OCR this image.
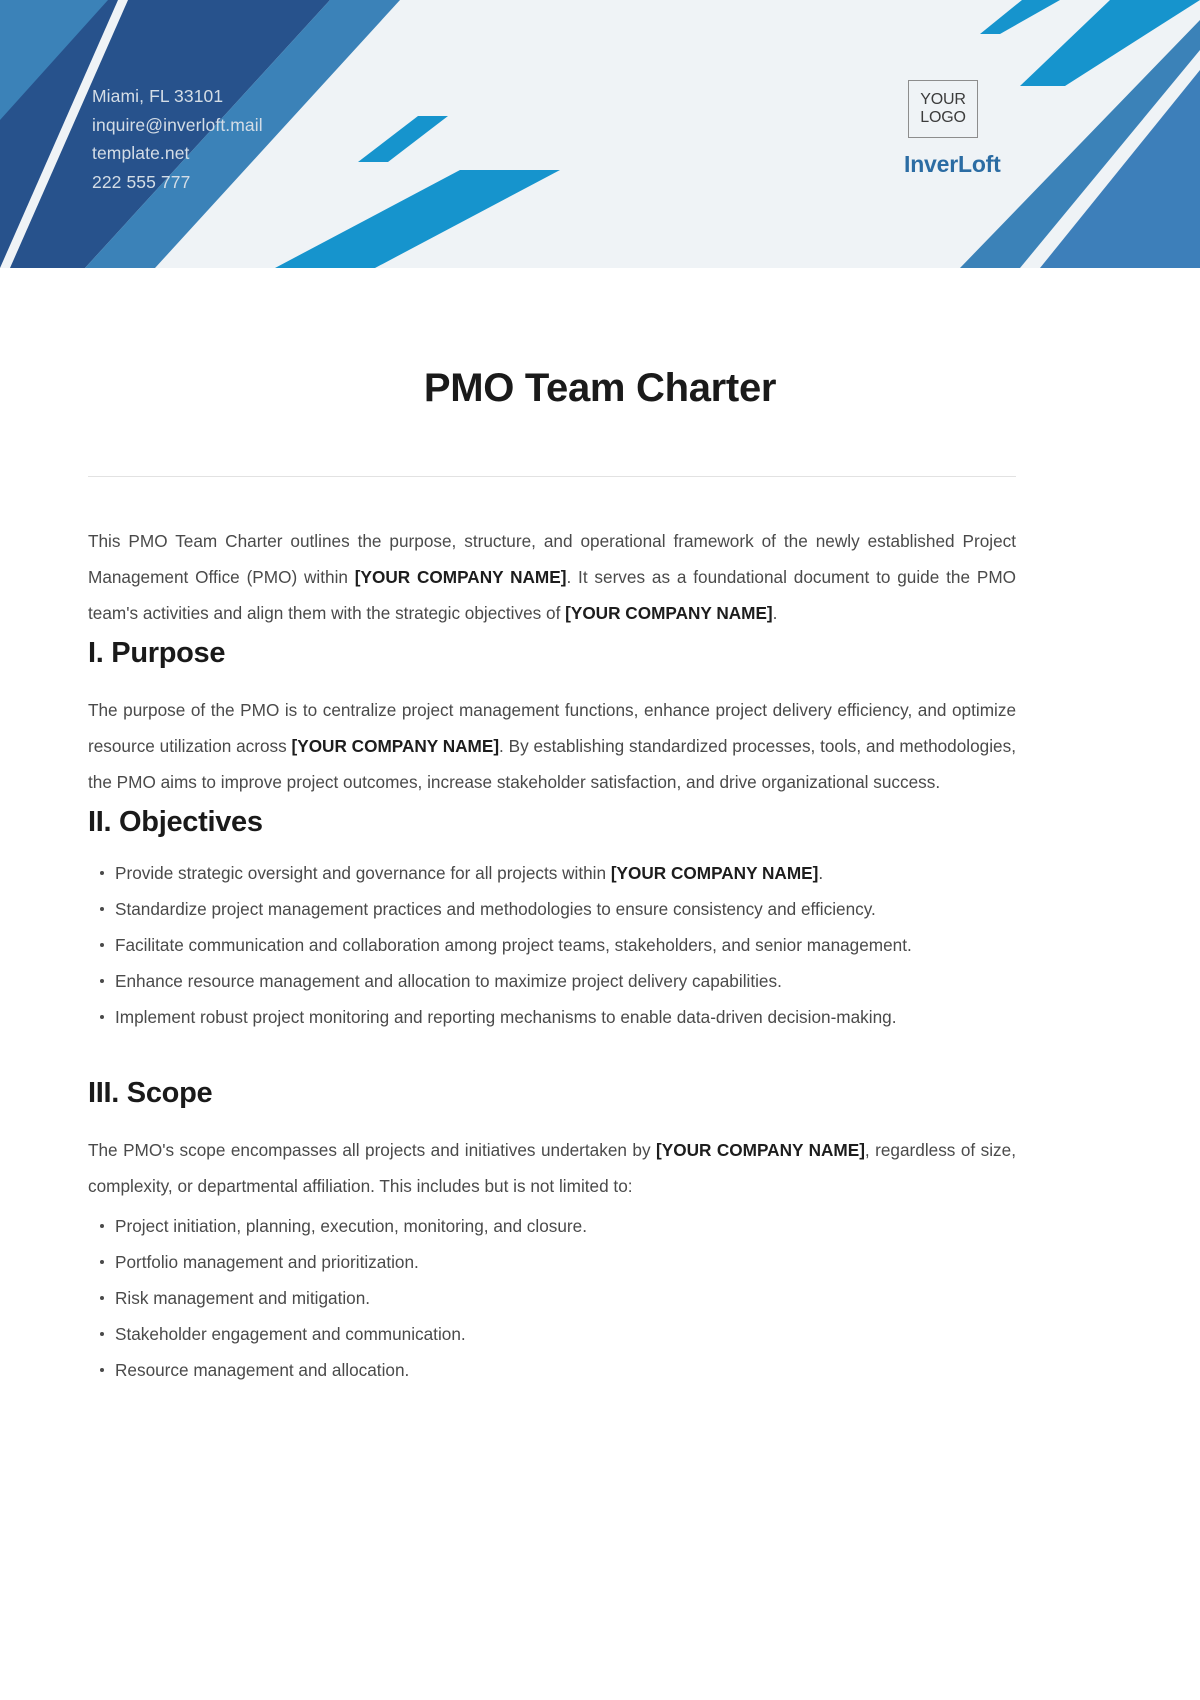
Miami, FL 33101
inquire@inverloft.mail
template.net
222 555 777
YOUR
LOGO
InverLoft
PMO Team Charter

This PMO Team Charter outlines the purpose, structure, and operational framework of the newly established Project Management Office (PMO) within [YOUR COMPANY NAME]. It serves as a foundational document to guide the PMO team's activities and align them with the strategic objectives of [YOUR COMPANY NAME].

I. Purpose

The purpose of the PMO is to centralize project management functions, enhance project delivery efficiency, and optimize resource utilization across [YOUR COMPANY NAME]. By establishing standardized processes, tools, and methodologies, the PMO aims to improve project outcomes, increase stakeholder satisfaction, and drive organizational success.

II. Objectives
Provide strategic oversight and governance for all projects within [YOUR COMPANY NAME].
Standardize project management practices and methodologies to ensure consistency and efficiency.
Facilitate communication and collaboration among project teams, stakeholders, and senior management.
Enhance resource management and allocation to maximize project delivery capabilities.
Implement robust project monitoring and reporting mechanisms to enable data-driven decision-making.
III. Scope

The PMO's scope encompasses all projects and initiatives undertaken by [YOUR COMPANY NAME], regardless of size, complexity, or departmental affiliation. This includes but is not limited to:

Project initiation, planning, execution, monitoring, and closure.
Portfolio management and prioritization.
Risk management and mitigation.
Stakeholder engagement and communication.
Resource management and allocation.
